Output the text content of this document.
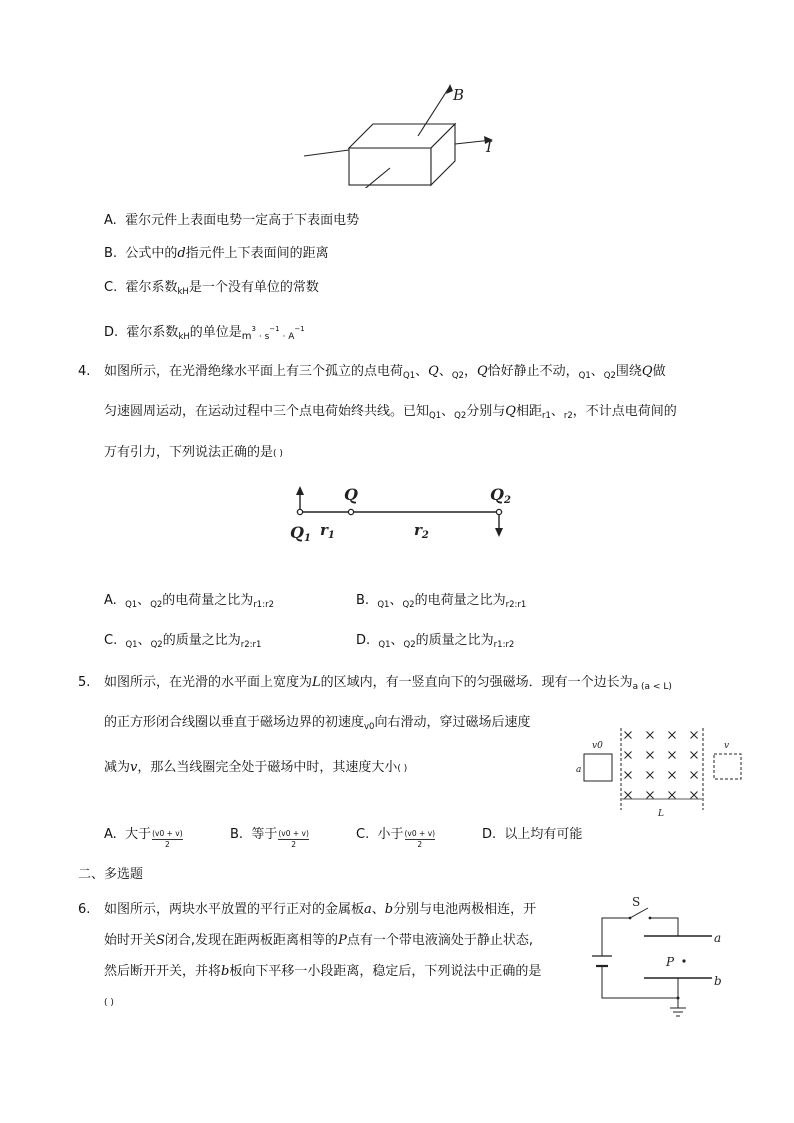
B
I
A. 霍尔元件上表面电势一定高于下表面电势
B. 公式中的d指元件上下表面间的距离
C. 霍尔系数$_{kH}$是一个没有单位的常数
D. 霍尔系数$_{kH}$的单位是$_m^3$ $_{\cdot s}^{-1}$ $_{\cdot A}^{-1}$
4. 如图所示，在光滑绝缘水平面上有三个孤立的点电荷$_{Q1}$、Q、$_{Q2}$，Q恰好静止不动，$_{Q1}$、$_{Q2}$围绕Q做
匀速圆周运动，在运动过程中三个点电荷始终共线。已知$_{Q1}$、$_{Q2}$分别与Q相距$_{r1}$、$_{r2}$，不计点电荷间的
万有引力，下列说法正确的是( )
Q	Q2
Q1 $r_1$	$r_2$
A. $_{Q1}$、$_{Q2}$的电荷量之比为$_{r1:r2}$	B. $_{Q1}$、$_{Q2}$的电荷量之比为$_{r2:r1}$
C. $_{Q1}$、$_{Q2}$的质量之比为$_{r2:r1}$	D. $_{Q1}$、$_{Q2}$的质量之比为$_{r1:r2}$
5. 如图所示，在光滑的水平面上宽度为L的区域内，有一竖直向下的匀强磁场．现有一个边长为$_{a (a < L)}$
的正方形闭合线圈以垂直于磁场边界的初速度$_{v0}$向右滑动，穿过磁场后速度
减为v，那么当线圈完全处于磁场中时，其速度大小( )
v0
a
L
v
A. 大于 $\frac{(v0 + v)}{2}$	B. 等于 $\frac{(v0 + v)}{2}$	C. 小于 $\frac{(v0 + v)}{2}$	D. 以上均有可能
二、多选题
6. 如图所示，两块水平放置的平行正对的金属板a、b分别与电池两极相连，开
始时开关S闭合,发现在距两板距离相等的P点有一个带电液滴处于静止状态,
然后断开开关，并将b板向下平移一小段距离，稳定后，下列说法中正确的是
( )
S
a
b
P
